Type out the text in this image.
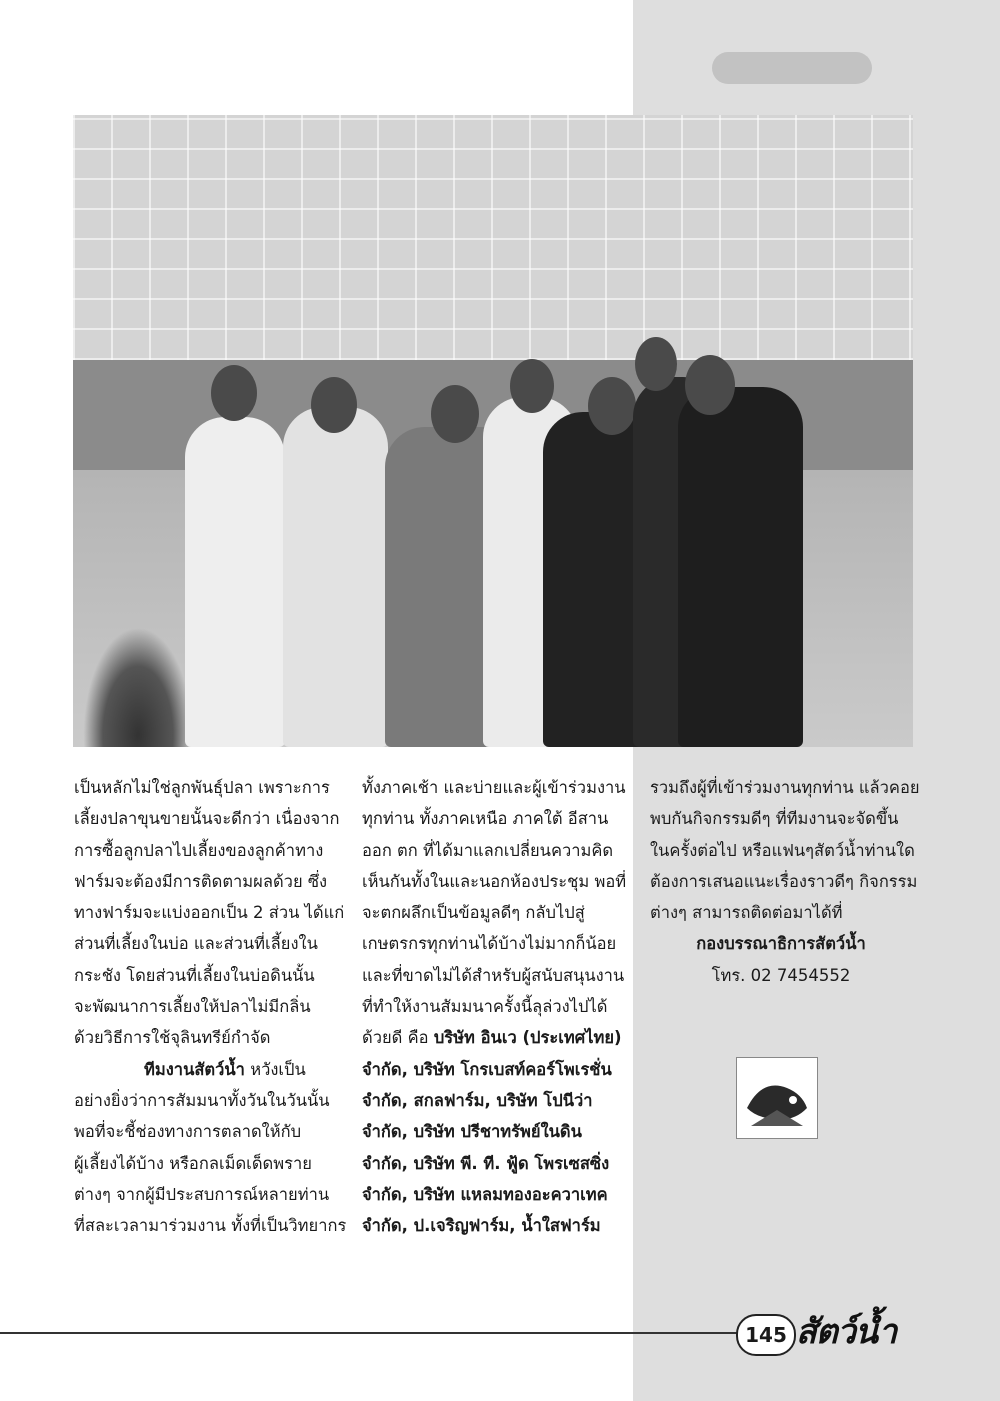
เป็นหลักไม่ใช่ลูกพันธุ์ปลา เพราะการ

เลี้ยงปลาขุนขายนั้นจะดีกว่า เนื่องจาก

การซื้อลูกปลาไปเลี้ยงของลูกค้าทาง

ฟาร์มจะต้องมีการติดตามผลด้วย ซึ่ง

ทางฟาร์มจะแบ่งออกเป็น 2 ส่วน ได้แก่

ส่วนที่เลี้ยงในบ่อ และส่วนที่เลี้ยงใน

กระชัง โดยส่วนที่เลี้ยงในบ่อดินนั้น

จะพัฒนาการเลี้ยงให้ปลาไม่มีกลิ่น

ด้วยวิธีการใช้จุลินทรีย์กำจัด

ทีมงานสัตว์น้ำ หวังเป็น

อย่างยิ่งว่าการสัมมนาทั้งวันในวันนั้น

พอที่จะชี้ช่องทางการตลาดให้กับ

ผู้เลี้ยงได้บ้าง หรือกลเม็ดเด็ดพราย

ต่างๆ จากผู้มีประสบการณ์หลายท่าน

ที่สละเวลามาร่วมงาน ทั้งที่เป็นวิทยากร

ทั้งภาคเช้า และบ่ายและผู้เข้าร่วมงาน

ทุกท่าน ทั้งภาคเหนือ ภาคใต้ อีสาน

ออก ตก ที่ได้มาแลกเปลี่ยนความคิด

เห็นกันทั้งในและนอกห้องประชุม พอที่

จะตกผลึกเป็นข้อมูลดีๆ กลับไปสู่

เกษตรกรทุกท่านได้บ้างไม่มากก็น้อย

และที่ขาดไม่ได้สำหรับผู้สนับสนุนงาน

ที่ทำให้งานสัมมนาครั้งนี้ลุล่วงไปได้

ด้วยดี คือ บริษัท อินเว (ประเทศไทย)

จำกัด, บริษัท โกรเบสท์คอร์โพเรชั่น

จำกัด, สกลฟาร์ม, บริษัท โปนีว่า

จำกัด, บริษัท ปรีชาทรัพย์ในดิน

จำกัด, บริษัท พี. ที. ฟู้ด โพรเซสซิ่ง

จำกัด, บริษัท แหลมทองอะควาเทค

จำกัด, ป.เจริญฟาร์ม, น้ำใสฟาร์ม

รวมถึงผู้ที่เข้าร่วมงานทุกท่าน แล้วคอย

พบกันกิจกรรมดีๆ ที่ทีมงานจะจัดขึ้น

ในครั้งต่อไป หรือแฟนๆสัตว์น้ำท่านใด

ต้องการเสนอแนะเรื่องราวดีๆ กิจกรรม

ต่างๆ สามารถติดต่อมาได้ที่

กองบรรณาธิการสัตว์น้ำ

โทร. 02 7454552

145 สัตว์น้ำ
